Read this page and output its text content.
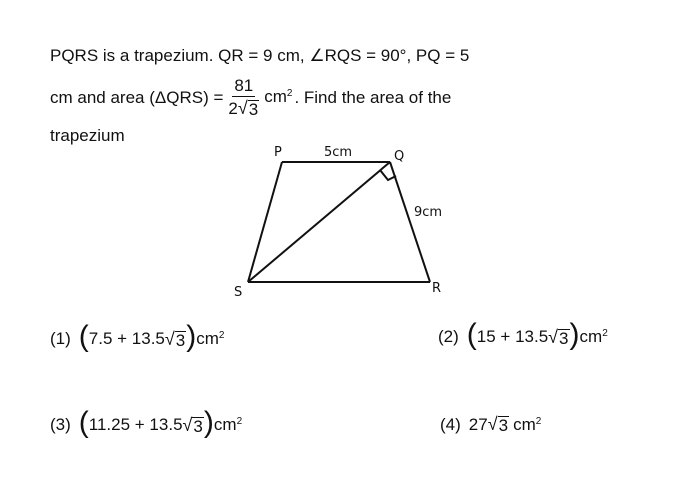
PQRS is a trapezium. QR = 9 cm, ∠RQS = 90°, PQ = 5
cm and area $(\Delta QRS) = \frac{81}{2 √ 3} cm^2$ . Find the area of the
trapezium
P	Q
R
S
5cm
9cm
(1) ( 7.5 + 13.5 √ 3 ) $cm^2$	(2) ( 15 + 13.5 √ 3 ) $cm^2$
(3) ( 11.25 + 13.5 √ 3 ) $cm^2$	(4) 27 √ 3 $cm^2$
